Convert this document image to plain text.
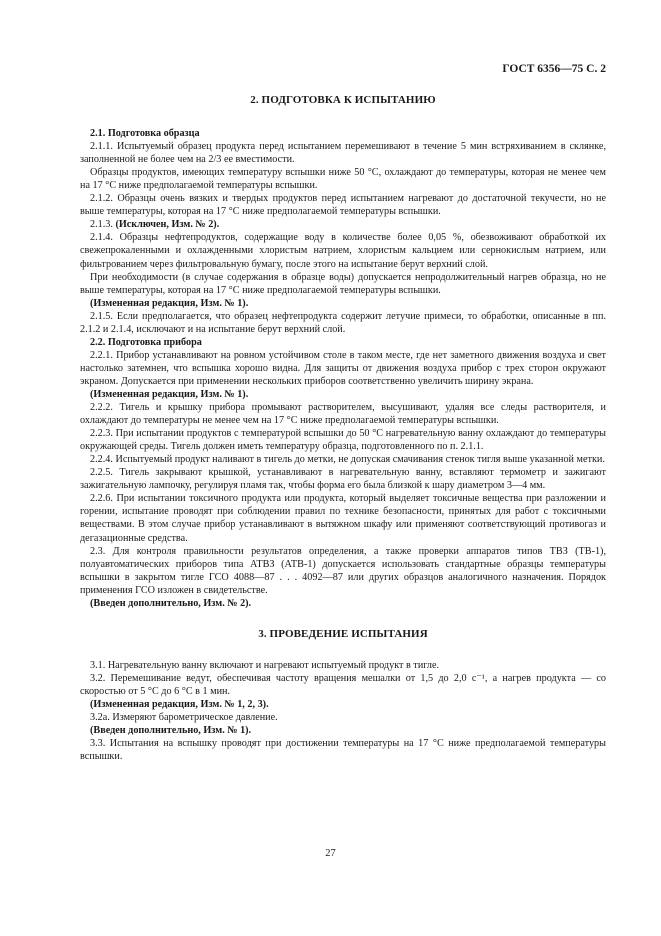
ГОСТ 6356—75 С. 2
2. ПОДГОТОВКА К ИСПЫТАНИЮ

2.1. Подготовка образца

2.1.1. Испытуемый образец продукта перед испытанием перемешивают в течение 5 мин встряхиванием в склянке, заполненной не более чем на 2/3 ее вместимости.

Образцы продуктов, имеющих температуру вспышки ниже 50 °С, охлаждают до температуры, которая не менее чем на 17 °С ниже предполагаемой температуры вспышки.

2.1.2. Образцы очень вязких и твердых продуктов перед испытанием нагревают до достаточной текучести, но не выше температуры, которая на 17 °С ниже предполагаемой температуры вспышки.

2.1.3. (Исключен, Изм. № 2).

2.1.4. Образцы нефтепродуктов, содержащие воду в количестве более 0,05 %, обезвоживают обработкой их свежепрокаленными и охлажденными хлористым натрием, хлористым кальцием или сернокислым натрием, или фильтрованием через фильтровальную бумагу, после этого на испытание берут верхний слой.

При необходимости (в случае содержания в образце воды) допускается непродолжительный нагрев образца, но не выше температуры, которая на 17 °С ниже предполагаемой температуры вспышки.

(Измененная редакция, Изм. № 1).

2.1.5. Если предполагается, что образец нефтепродукта содержит летучие примеси, то обработки, описанные в пп. 2.1.2 и 2.1.4, исключают и на испытание берут верхний слой.

2.2. Подготовка прибора

2.2.1. Прибор устанавливают на ровном устойчивом столе в таком месте, где нет заметного движения воздуха и свет настолько затемнен, что вспышка хорошо видна. Для защиты от движения воздуха прибор с трех сторон окружают экраном. Допускается при применении нескольких приборов соответственно увеличить ширину экрана.

(Измененная редакция, Изм. № 1).

2.2.2. Тигель и крышку прибора промывают растворителем, высушивают, удаляя все следы растворителя, и охлаждают до температуры не менее чем на 17 °С ниже предполагаемой температуры вспышки.

2.2.3. При испытании продуктов с температурой вспышки до 50 °С нагревательную ванну охлаждают до температуры окружающей среды. Тигель должен иметь температуру образца, подготовленного по п. 2.1.1.

2.2.4. Испытуемый продукт наливают в тигель до метки, не допуская смачивания стенок тигля выше указанной метки.

2.2.5. Тигель закрывают крышкой, устанавливают в нагревательную ванну, вставляют термометр и зажигают зажигательную лампочку, регулируя пламя так, чтобы форма его была близкой к шару диаметром 3—4 мм.

2.2.6. При испытании токсичного продукта или продукта, который выделяет токсичные вещества при разложении и горении, испытание проводят при соблюдении правил по технике безопасности, принятых для работ с токсичными веществами. В этом случае прибор устанавливают в вытяжном шкафу или применяют соответствующий противогаз и дегазационные средства.

2.3. Для контроля правильности результатов определения, а также проверки аппаратов типов ТВЗ (ТВ-1), полуавтоматических приборов типа АТВЗ (АТВ-1) допускается использовать стандартные образцы температуры вспышки в закрытом тигле ГСО 4088—87 . . . 4092—87 или других образцов аналогичного назначения. Порядок применения ГСО изложен в свидетельстве.

(Введен дополнительно, Изм. № 2).

3. ПРОВЕДЕНИЕ ИСПЫТАНИЯ

3.1. Нагревательную ванну включают и нагревают испытуемый продукт в тигле.

3.2. Перемешивание ведут, обеспечивая частоту вращения мешалки от 1,5 до 2,0 с⁻¹, а нагрев продукта — со скоростью от 5 °С до 6 °С в 1 мин.

(Измененная редакция, Изм. № 1, 2, 3).

3.2а. Измеряют барометрическое давление.

(Введен дополнительно, Изм. № 1).

3.3. Испытания на вспышку проводят при достижении температуры на 17 °С ниже предполагаемой температуры вспышки.

27
